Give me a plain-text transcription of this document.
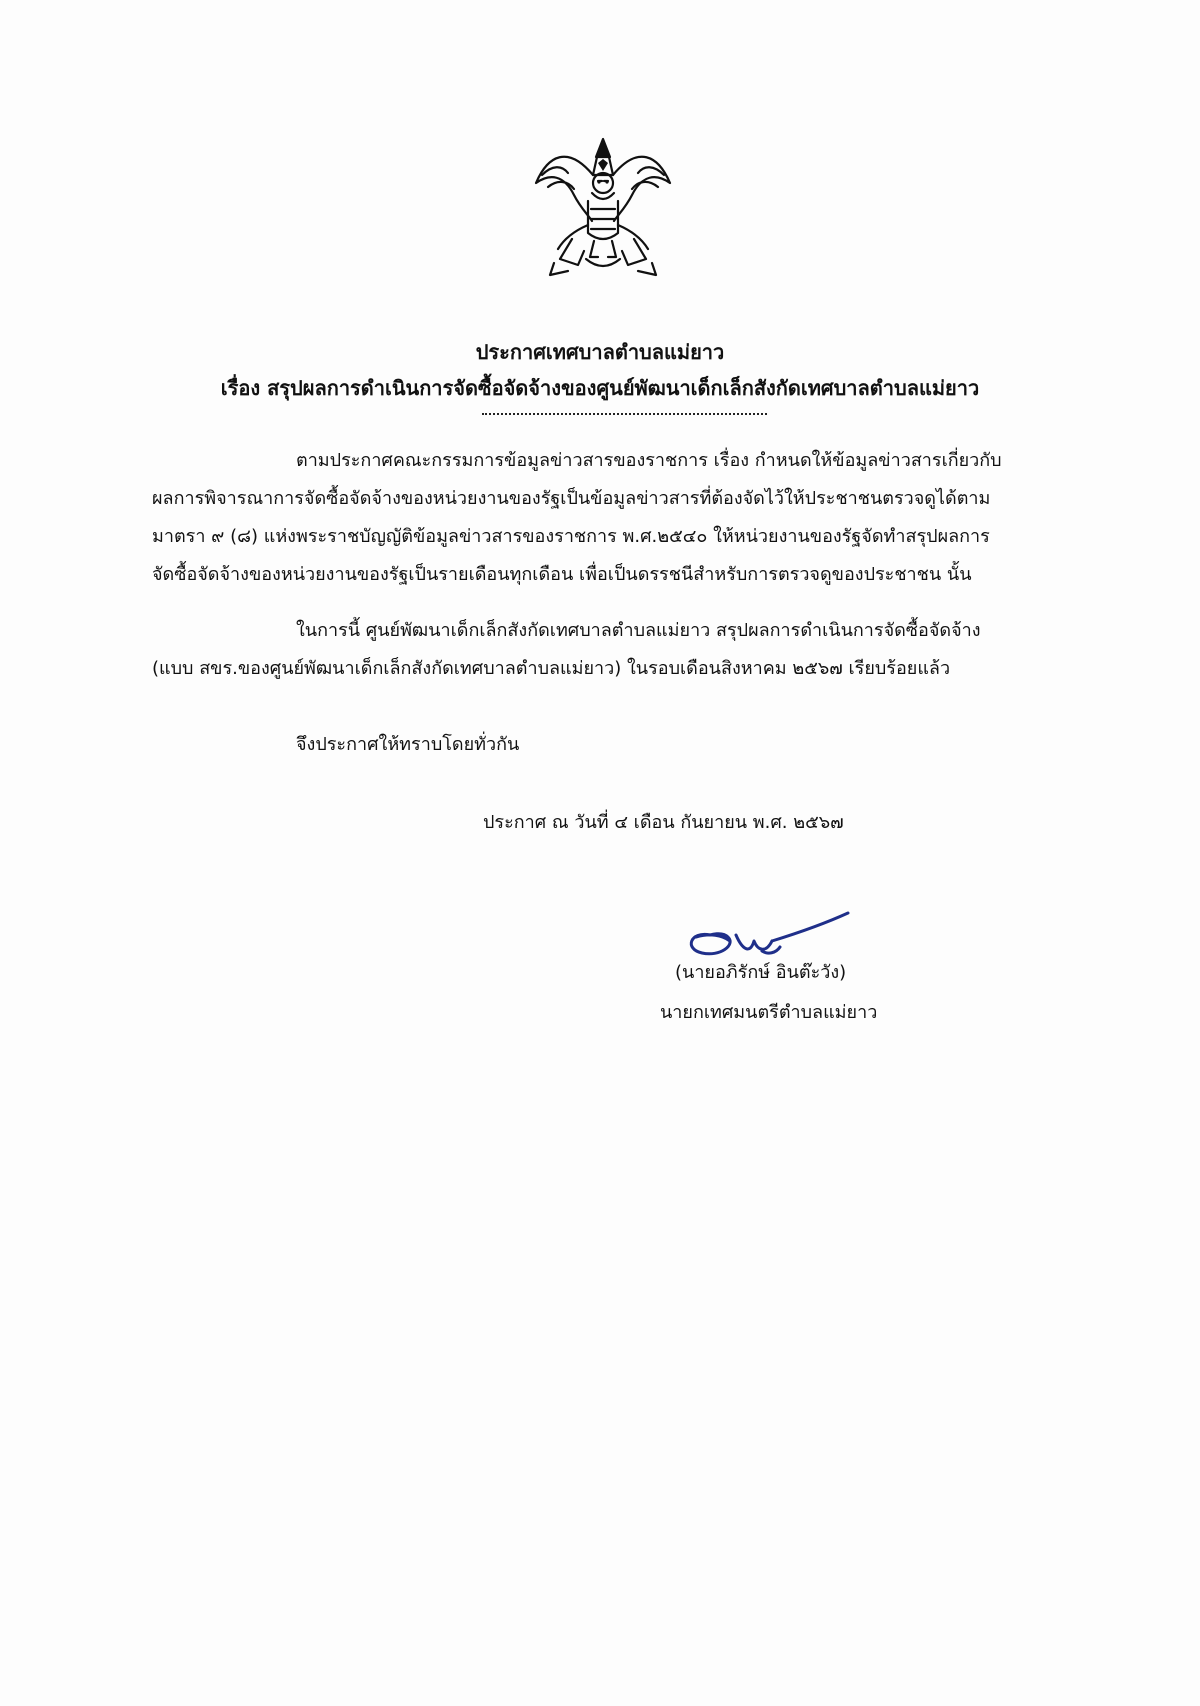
ประกาศเทศบาลตำบลแม่ยาว
เรื่อง สรุปผลการดำเนินการจัดซื้อจัดจ้างของศูนย์พัฒนาเด็กเล็กสังกัดเทศบาลตำบลแม่ยาว
ตามประกาศคณะกรรมการข้อมูลข่าวสารของราชการ เรื่อง กำหนดให้ข้อมูลข่าวสารเกี่ยวกับ
ผลการพิจารณาการจัดซื้อจัดจ้างของหน่วยงานของรัฐเป็นข้อมูลข่าวสารที่ต้องจัดไว้ให้ประชาชนตรวจดูได้ตาม
มาตรา ๙ (๘) แห่งพระราชบัญญัติข้อมูลข่าวสารของราชการ พ.ศ.๒๕๔๐ ให้หน่วยงานของรัฐจัดทำสรุปผลการ
จัดซื้อจัดจ้างของหน่วยงานของรัฐเป็นรายเดือนทุกเดือน เพื่อเป็นดรรชนีสำหรับการตรวจดูของประชาชน นั้น
ในการนี้ ศูนย์พัฒนาเด็กเล็กสังกัดเทศบาลตำบลแม่ยาว สรุปผลการดำเนินการจัดซื้อจัดจ้าง
(แบบ สขร.ของศูนย์พัฒนาเด็กเล็กสังกัดเทศบาลตำบลแม่ยาว) ในรอบเดือนสิงหาคม ๒๕๖๗ เรียบร้อยแล้ว
จึงประกาศให้ทราบโดยทั่วกัน
ประกาศ ณ วันที่ ๔ เดือน กันยายน พ.ศ. ๒๕๖๗
(นายอภิรักษ์ อินต๊ะวัง)
นายกเทศมนตรีตำบลแม่ยาว
